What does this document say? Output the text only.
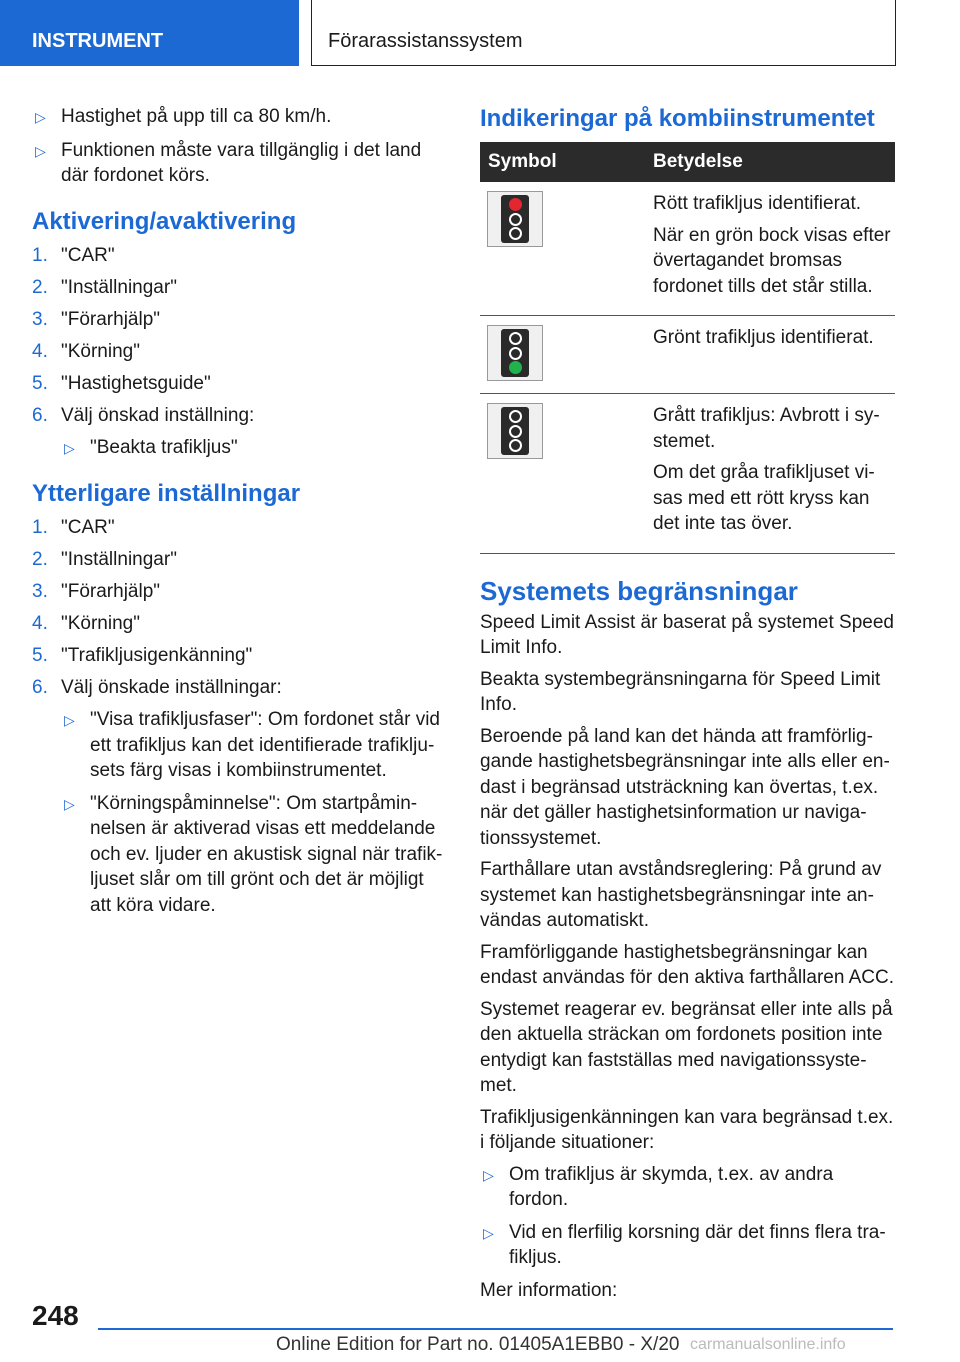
INSTRUMENT	Förarassistanssystem
▷ Hastighet på upp till ca 80 km/h.
▷ Funktionen måste vara tillgänglig i det land där fordonet körs.
Aktivering/avaktivering
1. "CAR"
2. "Inställningar"
3. "Förarhjälp"
4. "Körning"
5. "Hastighetsguide"
6. Välj önskad inställning:
▷ "Beakta trafikljus"
Ytterligare inställningar
1. "CAR"
2. "Inställningar"
3. "Förarhjälp"
4. "Körning"
5. "Trafikljusigenkänning"
6. Välj önskade inställningar:
▷ "Visa trafikljusfaser": Om fordonet står vid ett trafikljus kan det identifierade trafikljusets färg visas i kombiinstrumentet.
▷ "Körningspåminnelse": Om startpåminnelsen är aktiverad visas ett meddelande och ev. ljuder en akustisk signal när trafikljuset slår om till grönt och det är möjligt att köra vidare.
Indikeringar på kombiinstrumentet
Symbol	Betydelse

	Rött trafikljus identifierat.
När en grön bock visas efter övertagandet bromsas fordonet tills det står stilla.

	Grönt trafikljus identifierat.

	Grått trafikljus: Avbrott i systemet.
Om det gråa trafikljuset visas med ett rött kryss kan det inte tas över.
Systemets begränsningar
Speed Limit Assist är baserat på systemet Speed Limit Info.
Beakta systembegränsningarna för Speed Limit Info.
Beroende på land kan det hända att framförliggande hastighetsbegränsningar inte alls eller endast i begränsad utsträckning kan övertas, t.ex. när det gäller hastighetsinformation ur navigationssystemet.
Farthållare utan avståndsreglering: På grund av systemet kan hastighetsbegränsningar inte användas automatiskt.
Framförliggande hastighetsbegränsningar kan endast användas för den aktiva farthållaren ACC.
Systemet reagerar ev. begränsat eller inte alls på den aktuella sträckan om fordonets position inte entydigt kan fastställas med navigationssystemet.
Trafikljusigenkänningen kan vara begränsad t.ex. i följande situationer:
▷ Om trafikljus är skymda, t.ex. av andra fordon.
▷ Vid en flerfilig korsning där det finns flera trafikljus.
Mer information:
248
Online Edition for Part no. 01405A1EBB0 - X/20 carmanualsonline.info
